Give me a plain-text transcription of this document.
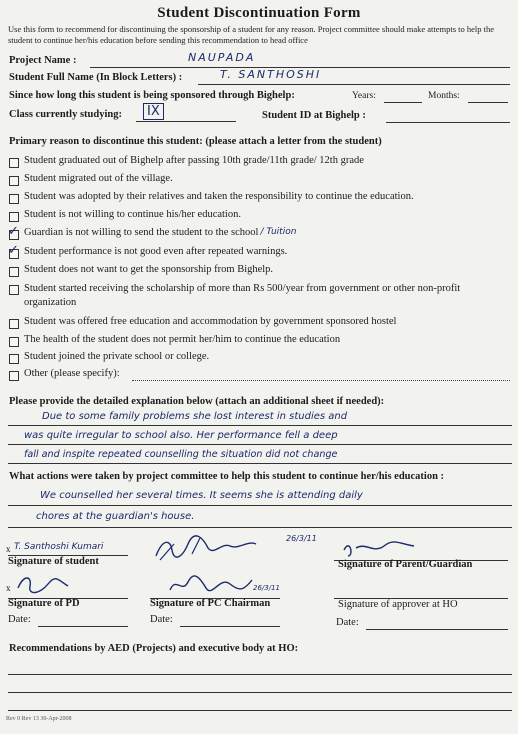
Student Discontinuation Form
Use this form to recommend for discontinuing the sponsorship of a student for any reason. Project committee should make attempts to help the student to continue her/his education before sending this recommendation to head office
Project Name :	NAUPADA
Student Full Name (In Block Letters) :	T. SANTHOSHI
Since how long this student is being sponsored through Bighelp:	Years:	Months:
Class currently studying:	IX	Student ID at Bighelp :
Primary reason to discontinue this student: (please attach a letter from the student)
Student graduated out of Bighelp after passing 10th grade/11th grade/ 12th grade
Student migrated out of the village.
Student was adopted by their relatives and taken the responsibility to continue the education.
Student is not willing to continue his/her education.
✓
Guardian is not willing to send the student to the school / Tuition
✓
Student performance is not good even after repeated warnings.
Student does not want to get the sponsorship from Bighelp.
Student started receiving the scholarship of more than Rs 500/year from government or other non-profit organization
Student was offered free education and accommodation by government sponsored hostel
The health of the student does not permit her/him to continue the education
Student joined the private school or college.
Other (please specify):
Please provide the detailed explanation below (attach an additional sheet if needed):
Due to some family problems she lost interest in studies and
was quite irregular to school also. Her performance fell a deep
fall and inspite repeated counselling the situation did not change
What actions were taken by project committee to help this student to continue her/his education :
We counselled her several times. It seems she is attending daily
chores at the guardian's house.
x T. Santhoshi Kumari
Signature of student
26/3/11
Signature of Parent/Guardian
x
Signature of PD
26/3/11
Signature of PC Chairman	Signature of approver at HO
Date:	Date:	Date:
Recommendations by AED (Projects) and executive body at HO:
Rev 0 Rev 13 30-Apr-2008
